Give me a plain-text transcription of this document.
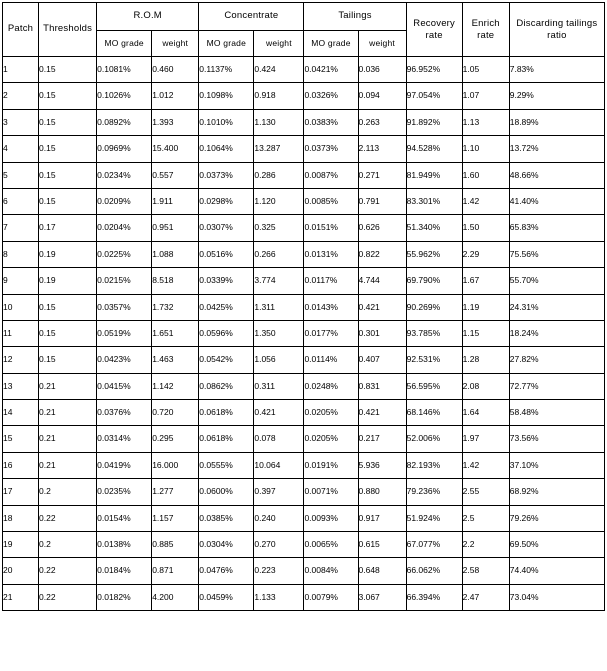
Patch	Thresholds	R.O.M		Concentrate		Tailings		Recovery rate	Enrich rate	Discarding tailings ratio
		MO grade	weight	MO grade	weight	MO grade	weight			
1	0.15	0.1081%	0.460	0.1137%	0.424	0.0421%	0.036	96.952%	1.05	7.83%
2	0.15	0.1026%	1.012	0.1098%	0.918	0.0326%	0.094	97.054%	1.07	9.29%
3	0.15	0.0892%	1.393	0.1010%	1.130	0.0383%	0.263	91.892%	1.13	18.89%
4	0.15	0.0969%	15.400	0.1064%	13.287	0.0373%	2.113	94.528%	1.10	13.72%
5	0.15	0.0234%	0.557	0.0373%	0.286	0.0087%	0.271	81.949%	1.60	48.66%
6	0.15	0.0209%	1.911	0.0298%	1.120	0.0085%	0.791	83.301%	1.42	41.40%
7	0.17	0.0204%	0.951	0.0307%	0.325	0.0151%	0.626	51.340%	1.50	65.83%
8	0.19	0.0225%	1.088	0.0516%	0.266	0.0131%	0.822	55.962%	2.29	75.56%
9	0.19	0.0215%	8.518	0.0339%	3.774	0.0117%	4.744	69.790%	1.67	55.70%
10	0.15	0.0357%	1.732	0.0425%	1.311	0.0143%	0.421	90.269%	1.19	24.31%
11	0.15	0.0519%	1.651	0.0596%	1.350	0.0177%	0.301	93.785%	1.15	18.24%
12	0.15	0.0423%	1.463	0.0542%	1.056	0.0114%	0.407	92.531%	1.28	27.82%
13	0.21	0.0415%	1.142	0.0862%	0.311	0.0248%	0.831	56.595%	2.08	72.77%
14	0.21	0.0376%	0.720	0.0618%	0.421	0.0205%	0.421	68.146%	1.64	58.48%
15	0.21	0.0314%	0.295	0.0618%	0.078	0.0205%	0.217	52.006%	1.97	73.56%
16	0.21	0.0419%	16.000	0.0555%	10.064	0.0191%	5.936	82.193%	1.42	37.10%
17	0.2	0.0235%	1.277	0.0600%	0.397	0.0071%	0.880	79.236%	2.55	68.92%
18	0.22	0.0154%	1.157	0.0385%	0.240	0.0093%	0.917	51.924%	2.5	79.26%
19	0.2	0.0138%	0.885	0.0304%	0.270	0.0065%	0.615	67.077%	2.2	69.50%
20	0.22	0.0184%	0.871	0.0476%	0.223	0.0084%	0.648	66.062%	2.58	74.40%
21	0.22	0.0182%	4.200	0.0459%	1.133	0.0079%	3.067	66.394%	2.47	73.04%
